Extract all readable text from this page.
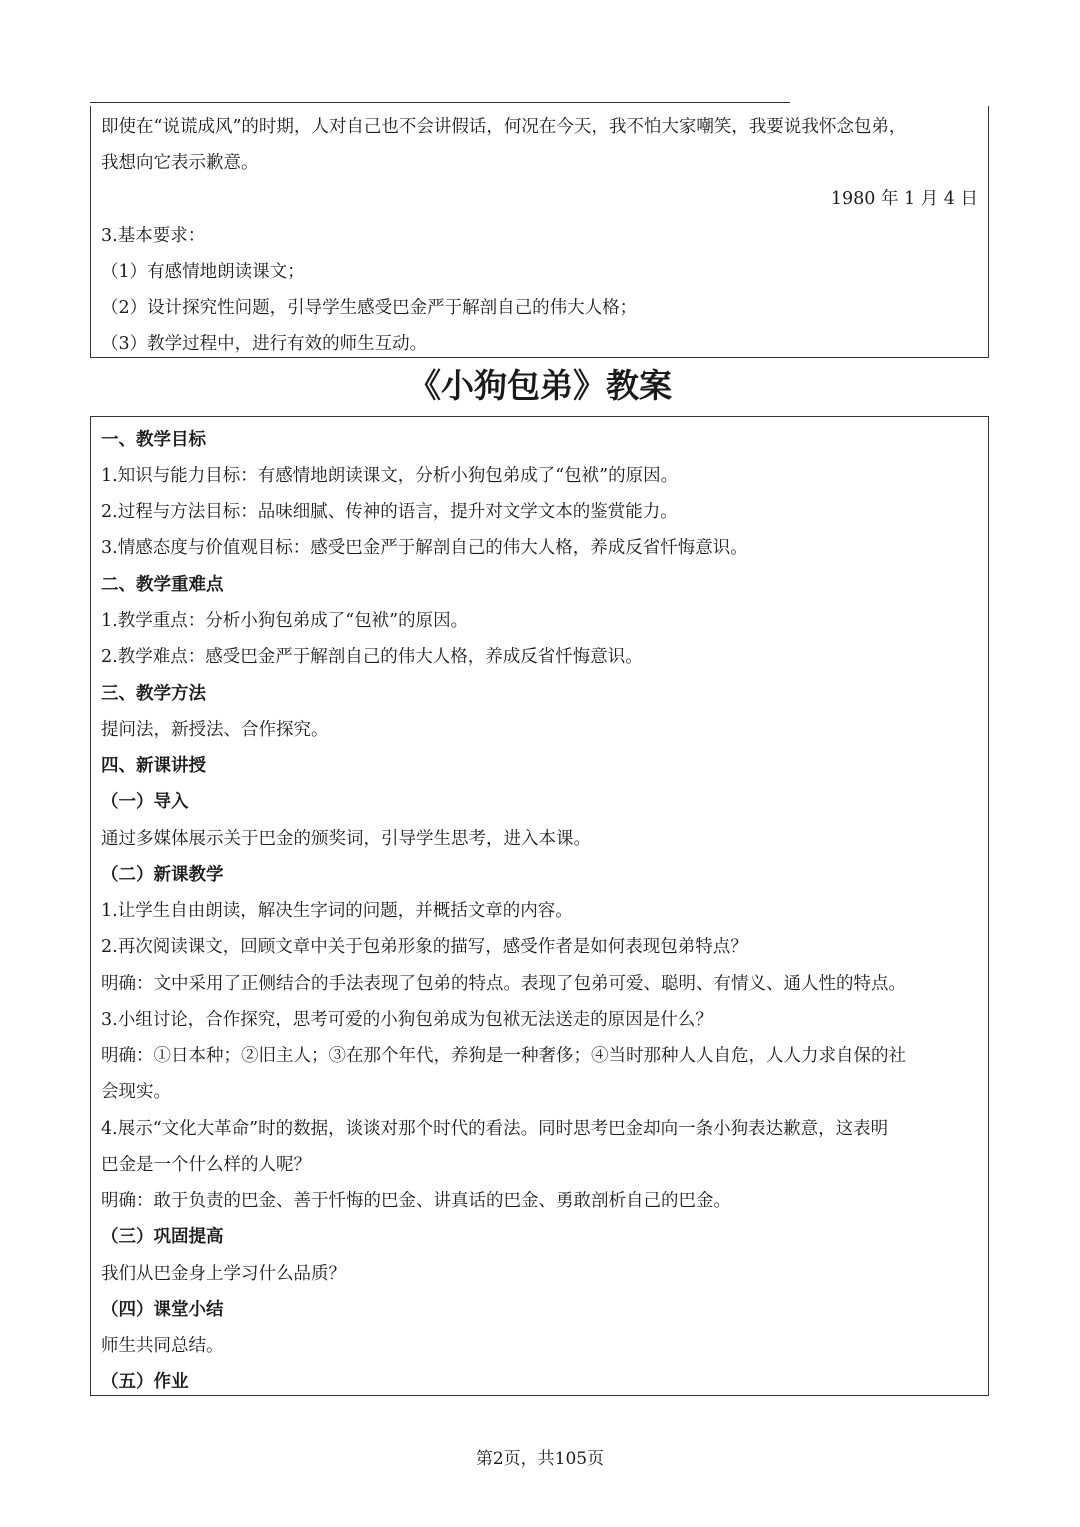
即使在“说谎成风”的时期，人对自己也不会讲假话，何况在今天，我不怕大家嘲笑，我要说我怀念包弟，
我想向它表示歉意。
1980 年 1 月 4 日
3.基本要求：
（1）有感情地朗读课文；
（2）设计探究性问题，引导学生感受巴金严于解剖自己的伟大人格；
（3）教学过程中，进行有效的师生互动。
《小狗包弟》教案
一、教学目标
1.知识与能力目标：有感情地朗读课文，分析小狗包弟成了“包袱”的原因。
2.过程与方法目标：品味细腻、传神的语言，提升对文学文本的鉴赏能力。
3.情感态度与价值观目标：感受巴金严于解剖自己的伟大人格，养成反省忏悔意识。
二、教学重难点
1.教学重点：分析小狗包弟成了“包袱”的原因。
2.教学难点：感受巴金严于解剖自己的伟大人格，养成反省忏悔意识。
三、教学方法
提问法，新授法、合作探究。
四、新课讲授
（一）导入
通过多媒体展示关于巴金的颁奖词，引导学生思考，进入本课。
（二）新课教学
1.让学生自由朗读，解决生字词的问题，并概括文章的内容。
2.再次阅读课文，回顾文章中关于包弟形象的描写，感受作者是如何表现包弟特点？
明确：文中采用了正侧结合的手法表现了包弟的特点。表现了包弟可爱、聪明、有情义、通人性的特点。
3.小组讨论，合作探究，思考可爱的小狗包弟成为包袱无法送走的原因是什么？
明确：①日本种；②旧主人；③在那个年代，养狗是一种奢侈；④当时那种人人自危，人人力求自保的社
会现实。
4.展示“文化大革命”时的数据，谈谈对那个时代的看法。同时思考巴金却向一条小狗表达歉意，这表明
巴金是一个什么样的人呢？
明确：敢于负责的巴金、善于忏悔的巴金、讲真话的巴金、勇敢剖析自己的巴金。
（三）巩固提高
我们从巴金身上学习什么品质？
（四）课堂小结
师生共同总结。
（五）作业
第2页，共105页
